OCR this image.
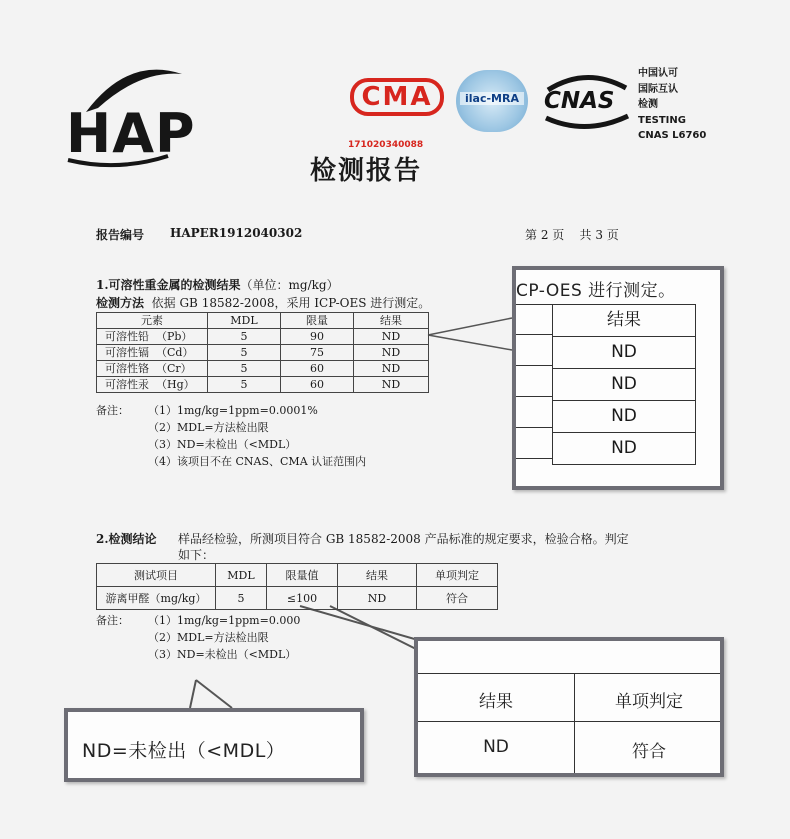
HAP
CMA
171020340088
ilac-MRA CNAS
中国认可
国际互认
检测
TESTING
CNAS L6760
检测报告
报告编号 HAPER1912040302	第 2 页    共 3 页
1.可溶性重金属的检测结果（单位：mg/kg）
检测方法 依据 GB 18582-2008，采用 ICP-OES 进行测定。
元素	MDL	限量	结果
可溶性铅  （Pb）	5	90	ND
可溶性镉  （Cd）	5	75	ND
可溶性铬  （Cr）	5	60	ND
可溶性汞  （Hg）	5	60	ND
备注： （1）1mg/kg=1ppm=0.0001%
（2）MDL=方法检出限
（3）ND=未检出（<MDL）
（4）该项目不在 CNAS、CMA 认证范围内
2.检测结论 样品经检验，所测项目符合 GB 18582-2008 产品标准的规定要求，检验合格。判定
如下：
测试项目	MDL	限量值	结果	单项判定
游离甲醛（mg/kg）	5	≤100	ND	符合
备注： （1）1mg/kg=1ppm=0.000
（2）MDL=方法检出限
（3）ND=未检出（<MDL）
CP-OES 进行测定。
结果
ND
ND
ND
ND
结果	单项判定
ND	符合
ND=未检出（<MDL）
